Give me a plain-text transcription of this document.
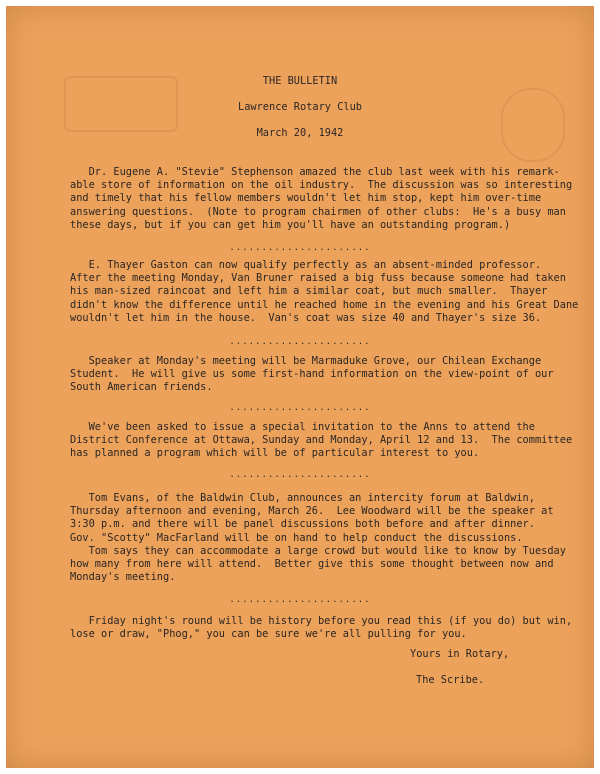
THE BULLETIN
Lawrence Rotary Club
March 20, 1942
Dr. Eugene A. "Stevie" Stephenson amazed the club last week with his remark-
able store of information on the oil industry.  The discussion was so interesting
and timely that his fellow members wouldn't let him stop, kept him over-time
answering questions.  (Note to program chairmen of other clubs:  He's a busy man
these days, but if you can get him you'll have an outstanding program.)
......................
E. Thayer Gaston can now qualify perfectly as an absent-minded professor.
After the meeting Monday, Van Bruner raised a big fuss because someone had taken
his man-sized raincoat and left him a similar coat, but much smaller.  Thayer
didn't know the difference until he reached home in the evening and his Great Dane
wouldn't let him in the house.  Van's coat was size 40 and Thayer's size 36.
......................
Speaker at Monday's meeting will be Marmaduke Grove, our Chilean Exchange
Student.  He will give us some first-hand information on the view-point of our
South American friends.
......................
We've been asked to issue a special invitation to the Anns to attend the
District Conference at Ottawa, Sunday and Monday, April 12 and 13.  The committee
has planned a program which will be of particular interest to you.
......................
Tom Evans, of the Baldwin Club, announces an intercity forum at Baldwin,
Thursday afternoon and evening, March 26.  Lee Woodward will be the speaker at
3:30 p.m. and there will be panel discussions both before and after dinner.
Gov. "Scotty" MacFarland will be on hand to help conduct the discussions.
Tom says they can accommodate a large crowd but would like to know by Tuesday
how many from here will attend.  Better give this some thought between now and
Monday's meeting.
......................
Friday night's round will be history before you read this (if you do) but win,
lose or draw, "Phog," you can be sure we're all pulling for you.
Yours in Rotary,
The Scribe.
